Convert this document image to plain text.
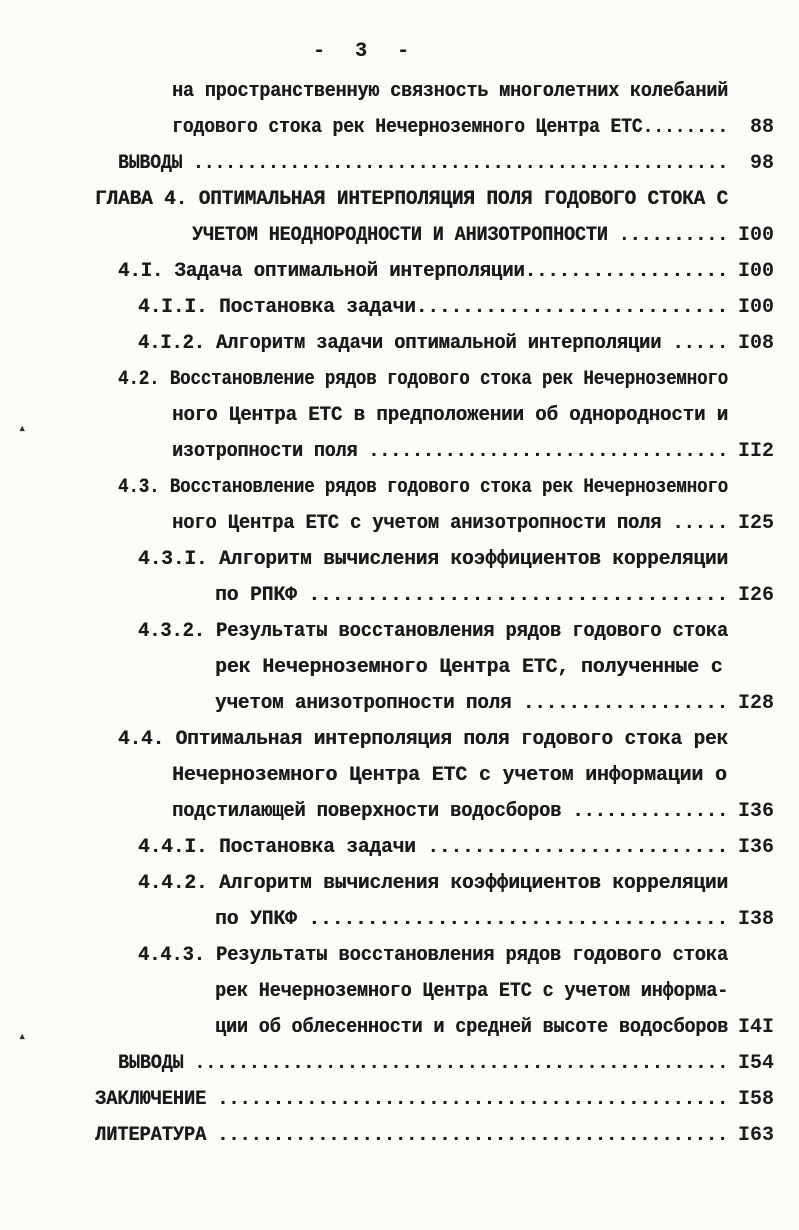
-  3  -
на пространственную связность многолетних колебаний
годового стока рек Нечерноземного Центра ЕТС........ 88
ВЫВОДЫ .................................................. 98
ГЛАВА 4. ОПТИМАЛЬНАЯ ИНТЕРПОЛЯЦИЯ ПОЛЯ ГОДОВОГО СТОКА С
УЧЕТОМ НЕОДНОРОДНОСТИ И АНИЗОТРОПНОСТИ .......... I00
4.I. Задача оптимальной интерполяции.................. I00
4.I.I. Постановка задачи........................... I00
4.I.2. Алгоритм задачи оптимальной интерполяции ..... I08
4.2. Восстановление рядов годового стока рек Нечерноземного
ного Центра ЕТС в предположении об однородности и
изотропности поля ................................. II2
4.3. Восстановление рядов годового стока рек Нечерноземного
ного Центра ЕТС с учетом анизотропности поля ..... I25
4.3.I. Алгоритм вычисления коэффициентов корреляции
по РПКФ .................................... I26
4.3.2. Результаты восстановления рядов годового стока
рек Нечерноземного Центра ЕТС, полученные с
учетом анизотропности поля .................. I28
4.4. Оптимальная интерполяция поля годового стока рек
Нечерноземного Центра ЕТС с учетом информации о
подстилающей поверхности водосборов .............. I36
4.4.I. Постановка задачи .......................... I36
4.4.2. Алгоритм вычисления коэффициентов корреляции
по УПКФ .................................... I38
4.4.3. Результаты восстановления рядов годового стока
рек Нечерноземного Центра ЕТС с учетом информа-
ции об облесенности и средней высоте водосборов I4I
ВЫВОДЫ ................................................. I54
ЗАКЛЮЧЕНИЕ .............................................. I58
ЛИТЕРАТУРА .............................................. I63
▴
▴
